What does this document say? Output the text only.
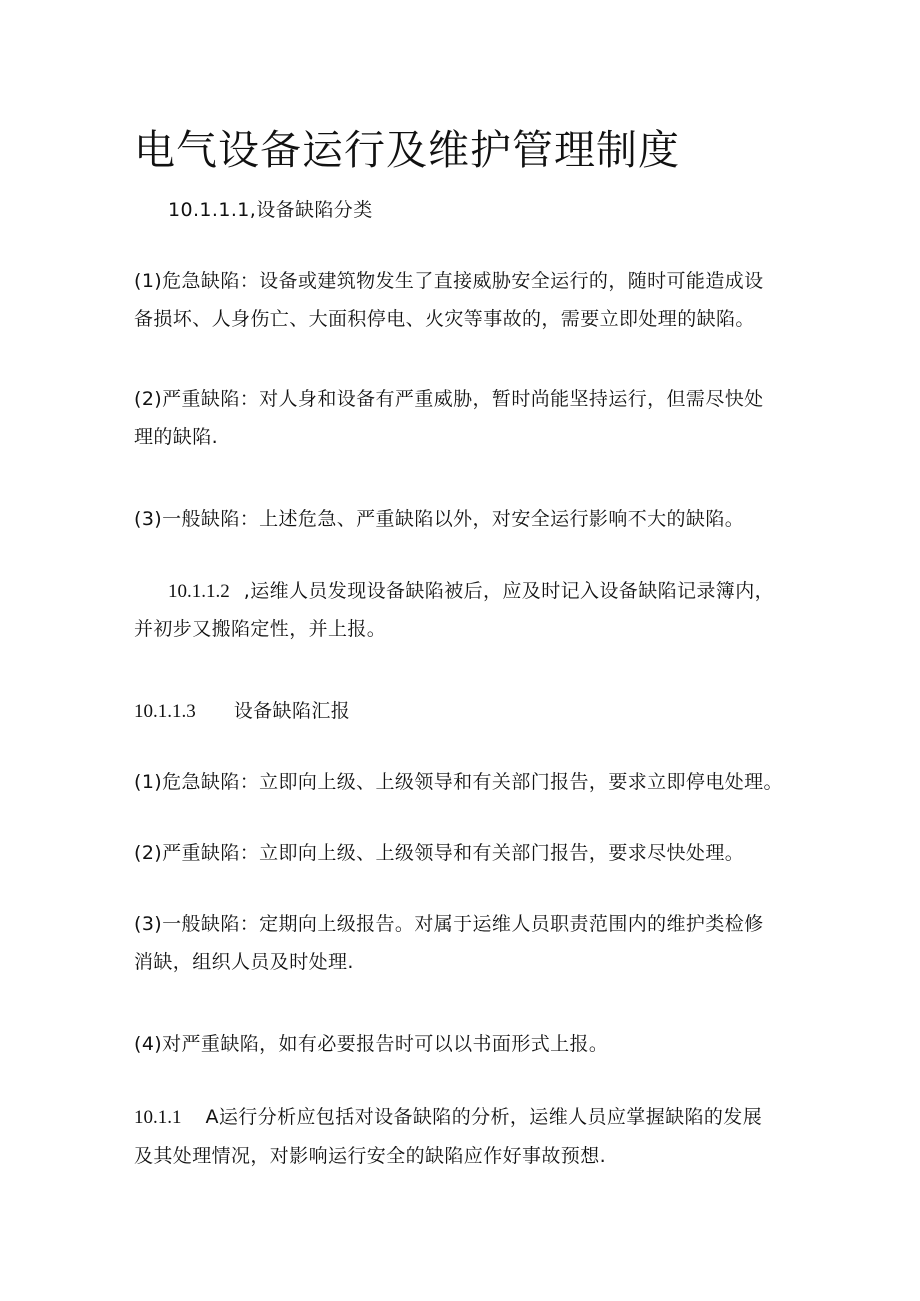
电气设备运行及维护管理制度

10.1.1.1,设备缺陷分类

(1)危急缺陷：设备或建筑物发生了直接威胁安全运行的，随时可能造成设
备损坏、人身伤亡、大面积停电、火灾等事故的，需要立即处理的缺陷。

(2)严重缺陷：对人身和设备有严重威胁，暂时尚能坚持运行，但需尽快处
理的缺陷.

(3)一般缺陷：上述危急、严重缺陷以外，对安全运行影响不大的缺陷。

10.1.1.2 ,运维人员发现设备缺陷被后，应及时记入设备缺陷记录簿内，

并初步又搬陷定性，并上报。

10.1.1.3 设备缺陷汇报

(1)危急缺陷：立即向上级、上级领导和有关部门报告，要求立即停电处理。

(2)严重缺陷：立即向上级、上级领导和有关部门报告，要求尽快处理。

(3)一般缺陷：定期向上级报告。对属于运维人员职责范围内的维护类检修
消缺，组织人员及时处理.

(4)对严重缺陷，如有必要报告时可以以书面形式上报。

10.1.1 A运行分析应包括对设备缺陷的分析，运维人员应掌握缺陷的发展
及其处理情况，对影响运行安全的缺陷应作好事故预想.
